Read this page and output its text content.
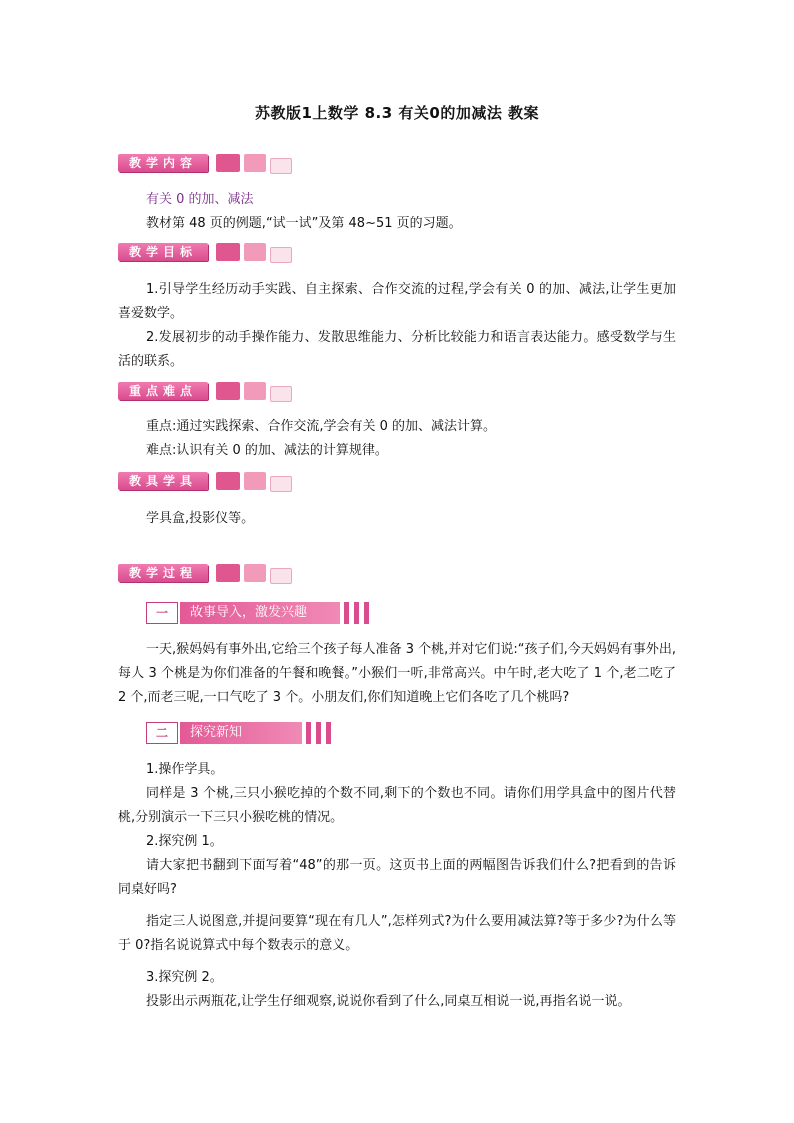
苏教版1上数学 8.3 有关0的加减法 教案
教学内容
有关 0 的加、减法
教材第 48 页的例题,“试一试”及第 48~51 页的习题。
教学目标
1.引导学生经历动手实践、自主探索、合作交流的过程,学会有关 0 的加、减法,让学生更加喜爱数学。
2.发展初步的动手操作能力、发散思维能力、分析比较能力和语言表达能力。感受数学与生活的联系。
重点难点
重点:通过实践探索、合作交流,学会有关 0 的加、减法计算。
难点:认识有关 0 的加、减法的计算规律。
教具学具
学具盒,投影仪等。
教学过程
一	故事导入，激发兴趣
一天,猴妈妈有事外出,它给三个孩子每人准备 3 个桃,并对它们说:“孩子们,今天妈妈有事外出,每人 3 个桃是为你们准备的午餐和晚餐。”小猴们一听,非常高兴。中午时,老大吃了 1 个,老二吃了 2 个,而老三呢,一口气吃了 3 个。小朋友们,你们知道晚上它们各吃了几个桃吗?
二	探究新知
1.操作学具。
同样是 3 个桃,三只小猴吃掉的个数不同,剩下的个数也不同。请你们用学具盒中的图片代替桃,分别演示一下三只小猴吃桃的情况。
2.探究例 1。
请大家把书翻到下面写着“48”的那一页。这页书上面的两幅图告诉我们什么?把看到的告诉同桌好吗?
指定三人说图意,并提问要算“现在有几人”,怎样列式?为什么要用减法算?等于多少?为什么等于 0?指名说说算式中每个数表示的意义。
3.探究例 2。
投影出示两瓶花,让学生仔细观察,说说你看到了什么,同桌互相说一说,再指名说一说。
